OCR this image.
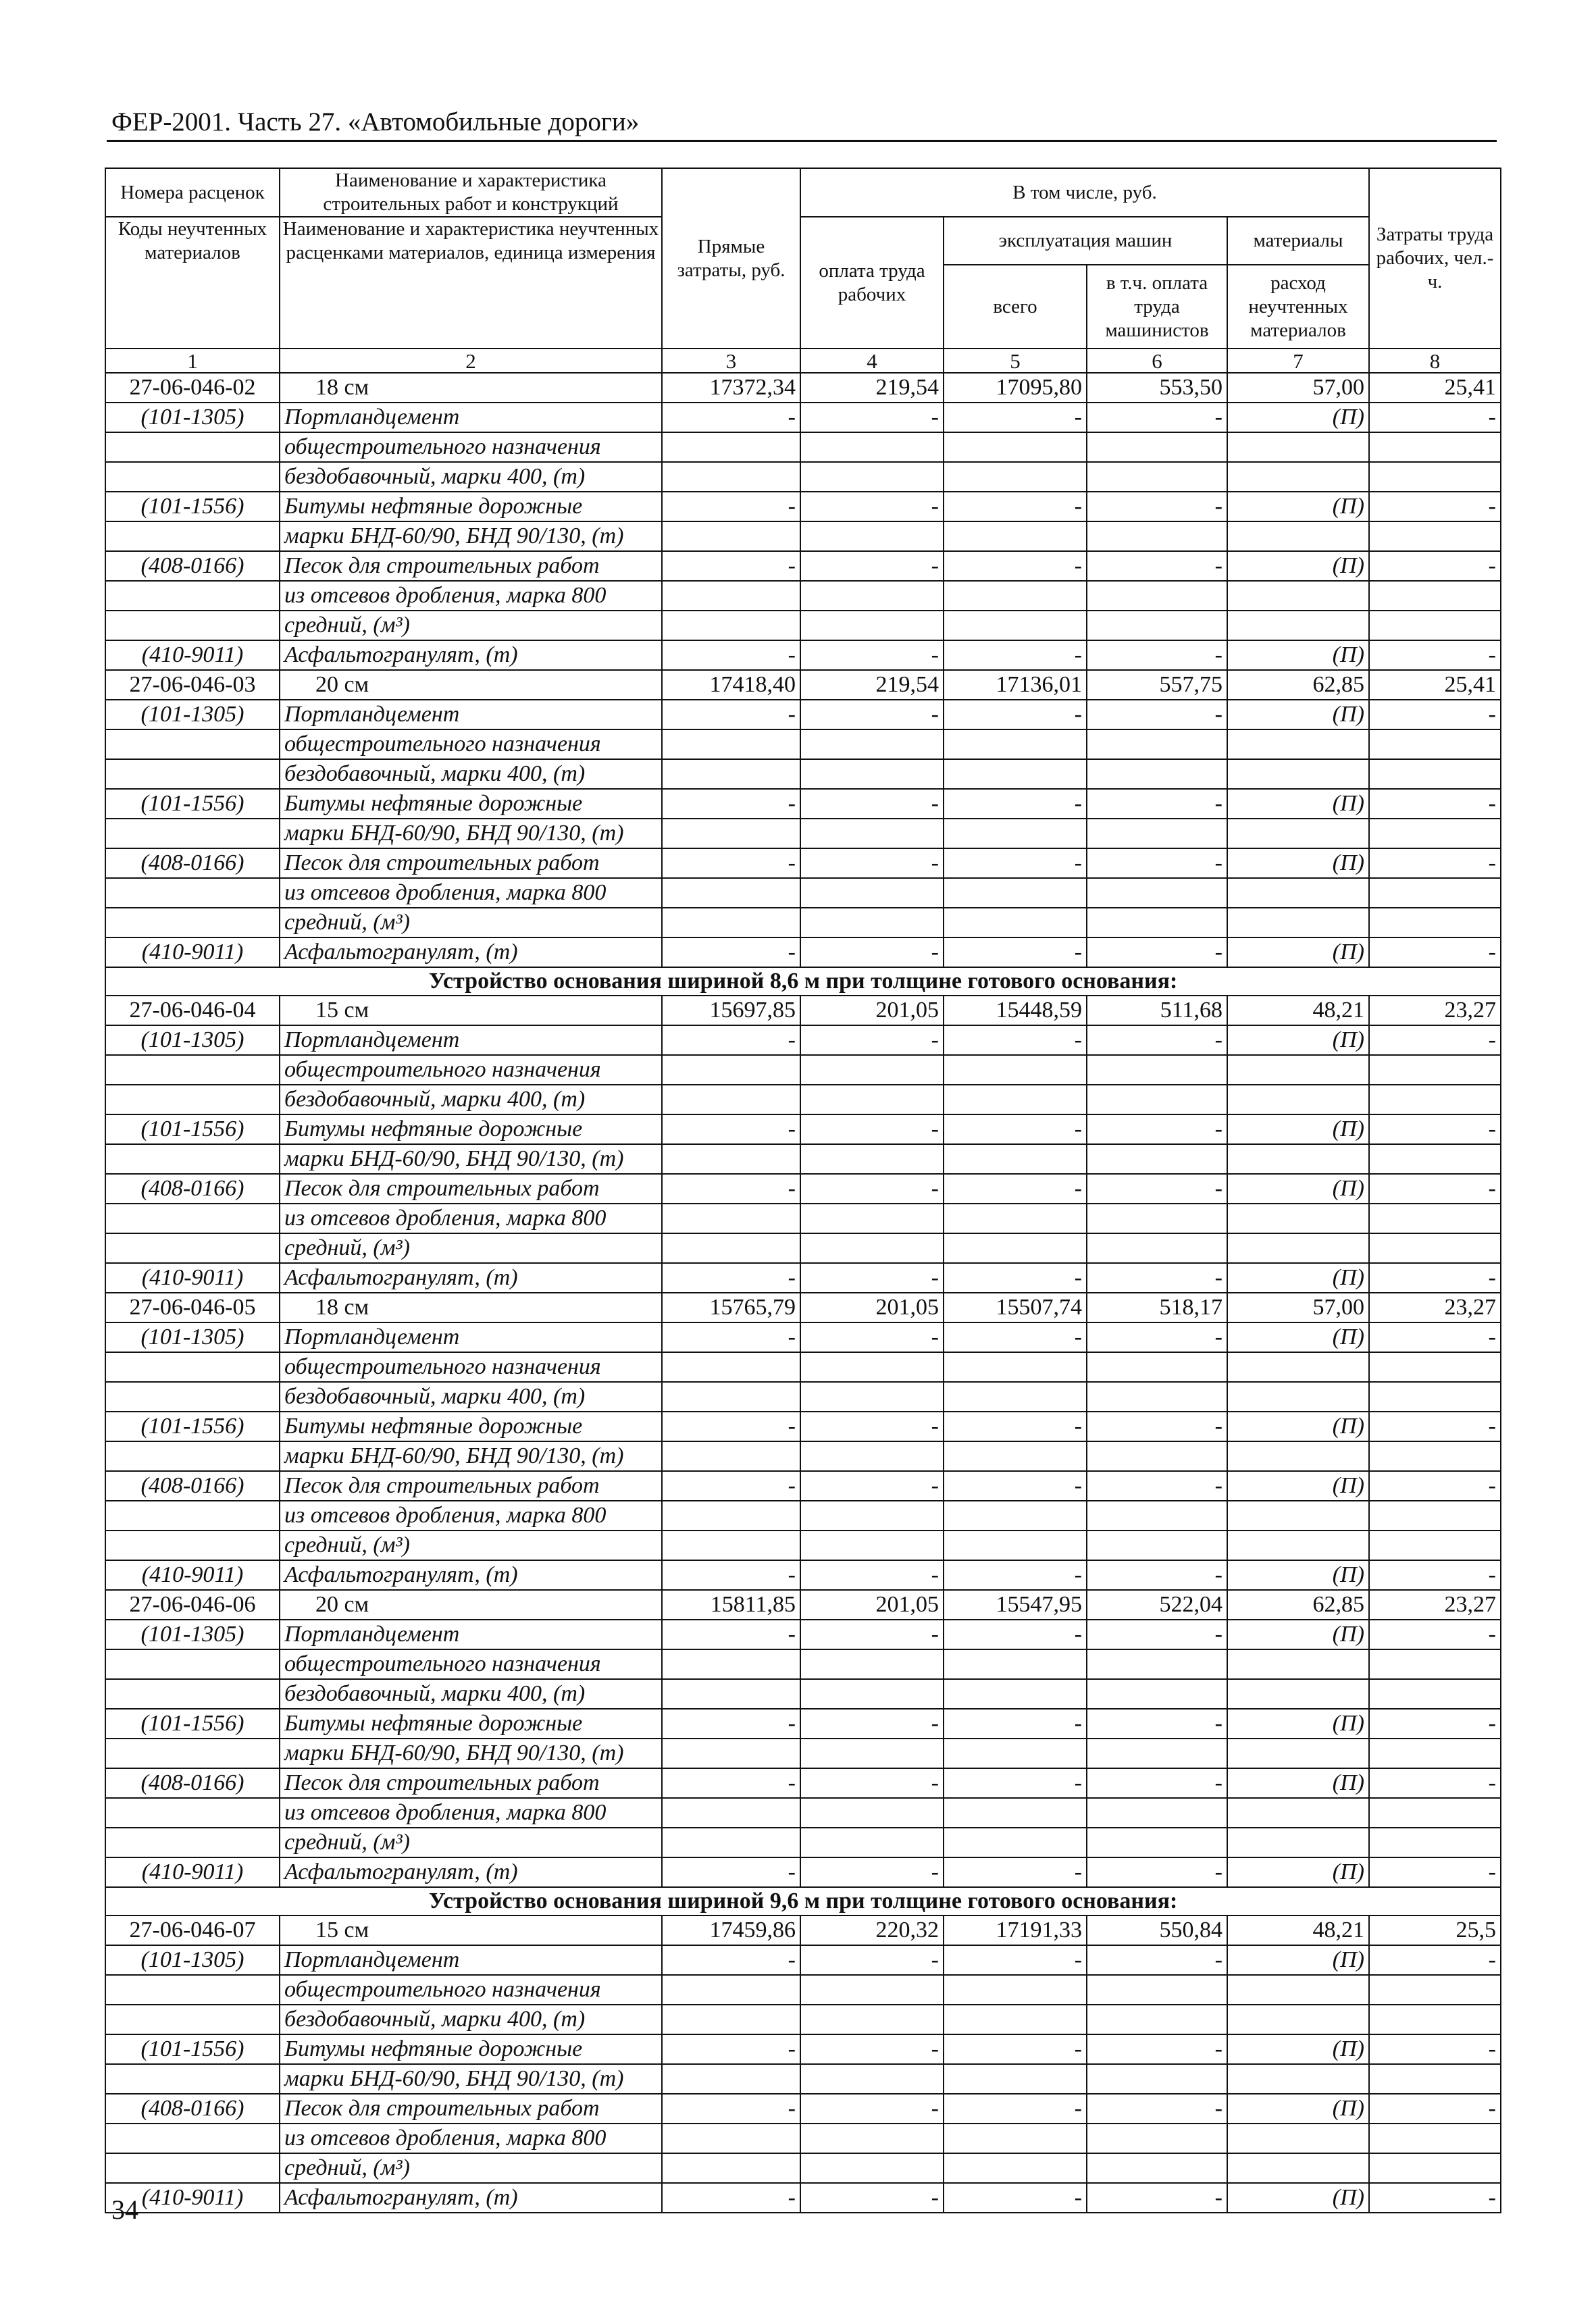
ФЕР-2001. Часть 27. «Автомобильные дороги»
Номера расценок	Наименование и характеристика строительных работ и конструкций	Прямые затраты, руб.	В том числе, руб.				Затраты труда рабочих, чел.-ч.
Коды неучтенных материалов	Наименование и характеристика неучтенных расценками материалов, единица измерения		оплата труда рабочих	эксплуатация машин		материалы	
				всего	в т.ч. оплата труда машинистов	расход неучтенных материалов	
1	2	3	4	5	6	7	8
27-06-046-02	18 см	17372,34	219,54	17095,80	553,50	57,00	25,41
(101-1305)	Портландцемент	-	-	-	-	(П)	-
	общестроительного назначения						
	бездобавочный, марки 400, (т)						
(101-1556)	Битумы нефтяные дорожные	-	-	-	-	(П)	-
	марки БНД-60/90, БНД 90/130, (т)						
(408-0166)	Песок для строительных работ	-	-	-	-	(П)	-
	из отсевов дробления, марка 800						
	средний, (м³)						
(410-9011)	Асфальтогранулят, (т)	-	-	-	-	(П)	-
27-06-046-03	20 см	17418,40	219,54	17136,01	557,75	62,85	25,41
(101-1305)	Портландцемент	-	-	-	-	(П)	-
	общестроительного назначения						
	бездобавочный, марки 400, (т)						
(101-1556)	Битумы нефтяные дорожные	-	-	-	-	(П)	-
	марки БНД-60/90, БНД 90/130, (т)						
(408-0166)	Песок для строительных работ	-	-	-	-	(П)	-
	из отсевов дробления, марка 800						
	средний, (м³)						
(410-9011)	Асфальтогранулят, (т)	-	-	-	-	(П)	-
Устройство основания шириной 8,6 м при толщине готового основания:							
27-06-046-04	15 см	15697,85	201,05	15448,59	511,68	48,21	23,27
(101-1305)	Портландцемент	-	-	-	-	(П)	-
	общестроительного назначения						
	бездобавочный, марки 400, (т)						
(101-1556)	Битумы нефтяные дорожные	-	-	-	-	(П)	-
	марки БНД-60/90, БНД 90/130, (т)						
(408-0166)	Песок для строительных работ	-	-	-	-	(П)	-
	из отсевов дробления, марка 800						
	средний, (м³)						
(410-9011)	Асфальтогранулят, (т)	-	-	-	-	(П)	-
27-06-046-05	18 см	15765,79	201,05	15507,74	518,17	57,00	23,27
(101-1305)	Портландцемент	-	-	-	-	(П)	-
	общестроительного назначения						
	бездобавочный, марки 400, (т)						
(101-1556)	Битумы нефтяные дорожные	-	-	-	-	(П)	-
	марки БНД-60/90, БНД 90/130, (т)						
(408-0166)	Песок для строительных работ	-	-	-	-	(П)	-
	из отсевов дробления, марка 800						
	средний, (м³)						
(410-9011)	Асфальтогранулят, (т)	-	-	-	-	(П)	-
27-06-046-06	20 см	15811,85	201,05	15547,95	522,04	62,85	23,27
(101-1305)	Портландцемент	-	-	-	-	(П)	-
	общестроительного назначения						
	бездобавочный, марки 400, (т)						
(101-1556)	Битумы нефтяные дорожные	-	-	-	-	(П)	-
	марки БНД-60/90, БНД 90/130, (т)						
(408-0166)	Песок для строительных работ	-	-	-	-	(П)	-
	из отсевов дробления, марка 800						
	средний, (м³)						
(410-9011)	Асфальтогранулят, (т)	-	-	-	-	(П)	-
Устройство основания шириной 9,6 м при толщине готового основания:							
27-06-046-07	15 см	17459,86	220,32	17191,33	550,84	48,21	25,5
(101-1305)	Портландцемент	-	-	-	-	(П)	-
	общестроительного назначения						
	бездобавочный, марки 400, (т)						
(101-1556)	Битумы нефтяные дорожные	-	-	-	-	(П)	-
	марки БНД-60/90, БНД 90/130, (т)						
(408-0166)	Песок для строительных работ	-	-	-	-	(П)	-
	из отсевов дробления, марка 800						
	средний, (м³)						
(410-9011)	Асфальтогранулят, (т)	-	-	-	-	(П)	-
34
